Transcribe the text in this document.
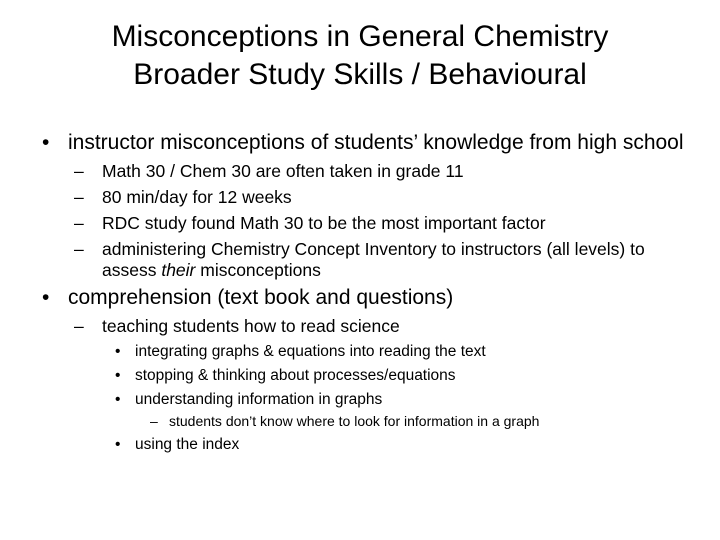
Misconceptions in General Chemistry
Broader Study Skills / Behavioural
• instructor misconceptions of students’ knowledge from high school
– Math 30 / Chem 30 are often taken in grade 11
– 80 min/day for 12 weeks
– RDC study found Math 30 to be the most important factor
– administering Chemistry Concept Inventory to instructors (all levels) to assess their misconceptions
• comprehension (text book and questions)
– teaching students how to read science
• integrating graphs & equations into reading the text
• stopping & thinking about processes/equations
• understanding information in graphs
– students don’t know where to look for information in a graph
• using the index
